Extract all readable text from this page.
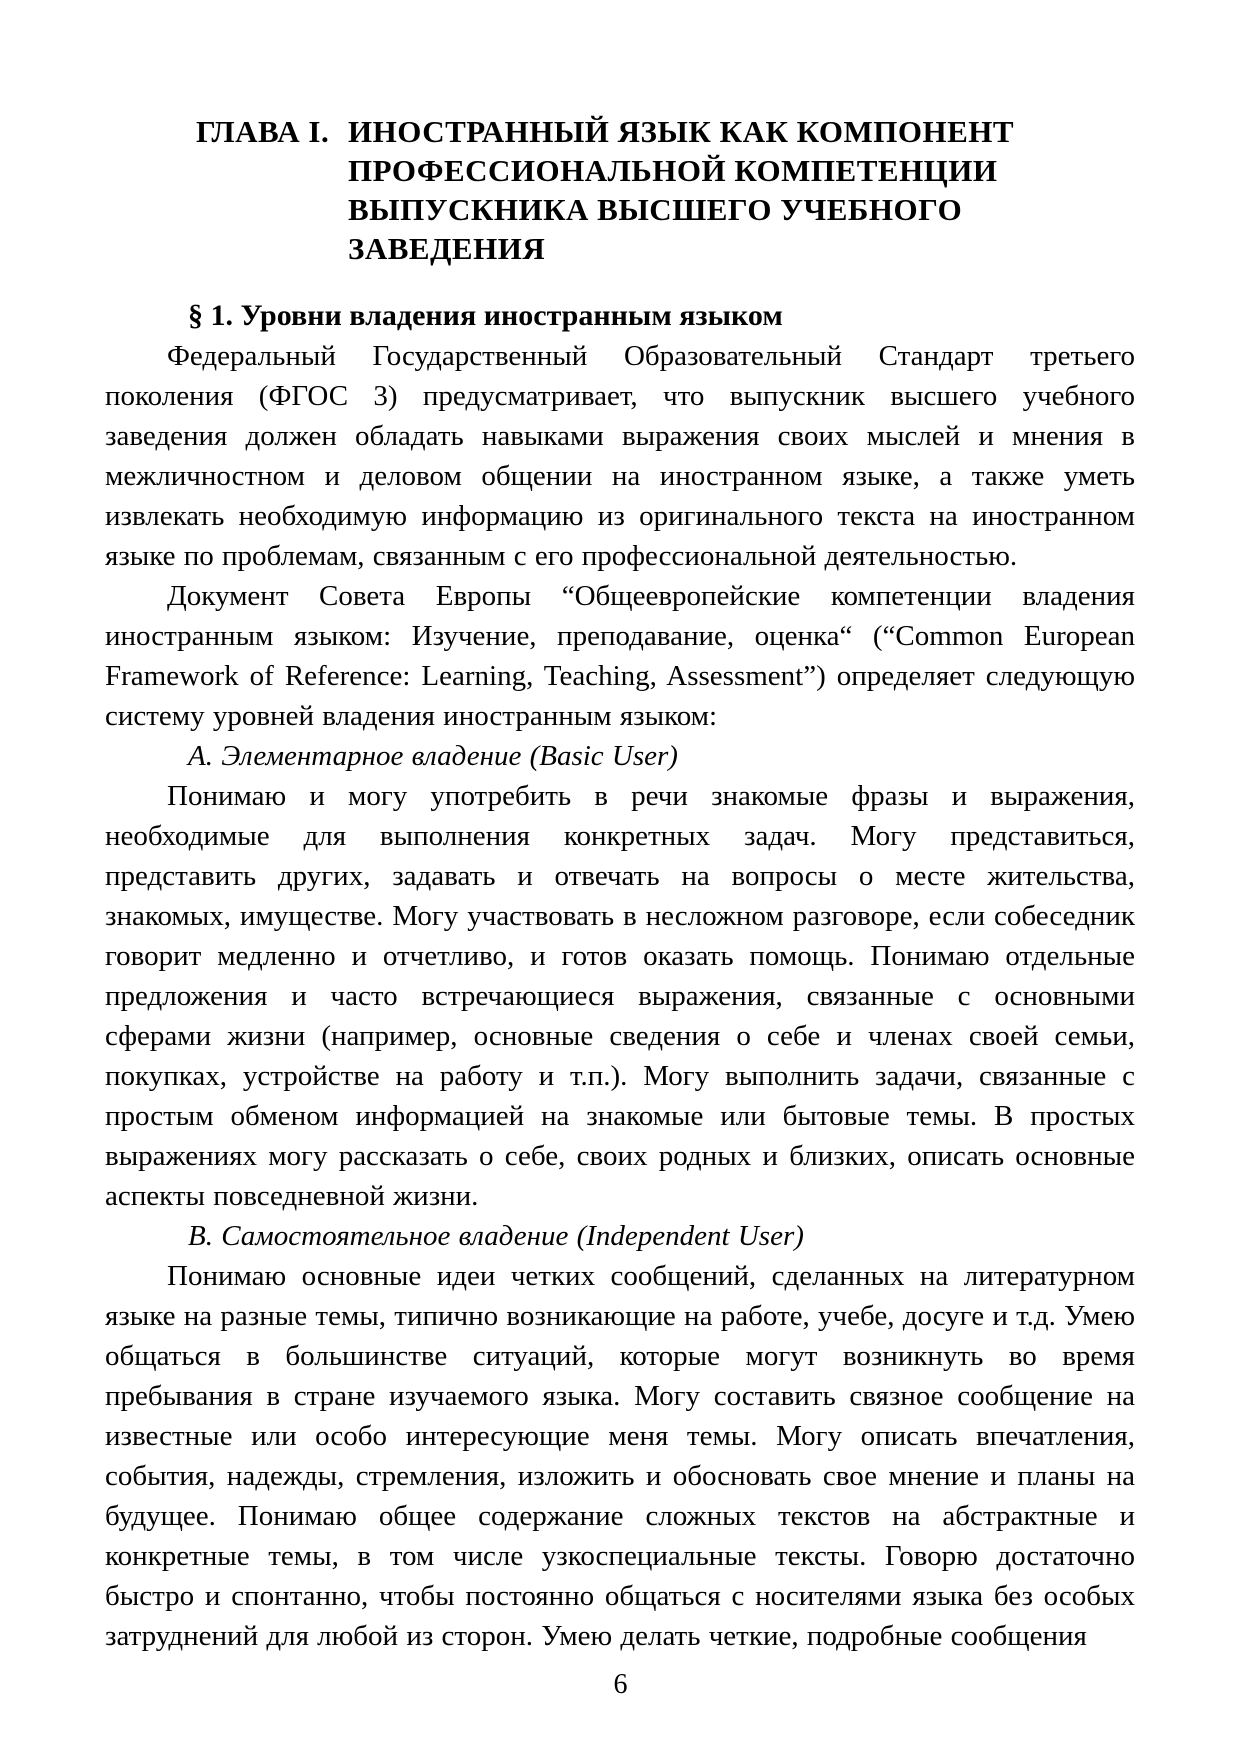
ГЛАВА I. ИНОСТРАННЫЙ ЯЗЫК КАК КОМПОНЕНТ
ПРОФЕССИОНАЛЬНОЙ КОМПЕТЕНЦИИ
ВЫПУСКНИКА ВЫСШЕГО УЧЕБНОГО ЗАВЕДЕНИЯ
§ 1. Уровни владения иностранным языком

Федеральный Государственный Образовательный Стандарт третьего поколения (ФГОС 3) предусматривает, что выпускник высшего учебного заведения должен обладать навыками выражения своих мыслей и мнения в межличностном и деловом общении на иностранном языке, а также уметь извлекать необходимую информацию из оригинального текста на иностранном языке по проблемам, связанным с его профессиональной деятельностью.

Документ Совета Европы “Общеевропейские компетенции владения иностранным языком: Изучение, преподавание, оценка“ (“Common European Framework of Reference: Learning, Teaching, Assessment”) определяет следующую систему уровней владения иностранным языком:

А. Элементарное владение (Basic User)

Понимаю и могу употребить в речи знакомые фразы и выражения, необходимые для выполнения конкретных задач. Могу представиться, представить других, задавать и отвечать на вопросы о месте жительства, знакомых, имуществе. Могу участвовать в несложном разговоре, если собеседник говорит медленно и отчетливо, и готов оказать помощь. Понимаю отдельные предложения и часто встречающиеся выражения, связанные с основными сферами жизни (например, основные сведения о себе и членах своей семьи, покупках, устройстве на работу и т.п.). Могу выполнить задачи, связанные с простым обменом информацией на знакомые или бытовые темы. В простых выражениях могу рассказать о себе, своих родных и близких, описать основные аспекты повседневной жизни.

В. Самостоятельное владение (Independent User)

Понимаю основные идеи четких сообщений, сделанных на литературном языке на разные темы, типично возникающие на работе, учебе, досуге и т.д. Умею общаться в большинстве ситуаций, которые могут возникнуть во время пребывания в стране изучаемого языка. Могу составить связное сообщение на известные или особо интересующие меня темы. Могу описать впечатления, события, надежды, стремления, изложить и обосновать свое мнение и планы на будущее. Понимаю общее содержание сложных текстов на абстрактные и конкретные темы, в том числе узкоспециальные тексты. Говорю достаточно быстро и спонтанно, чтобы постоянно общаться с носителями языка без особых затруднений для любой из сторон. Умею делать четкие, подробные сообщения

6
